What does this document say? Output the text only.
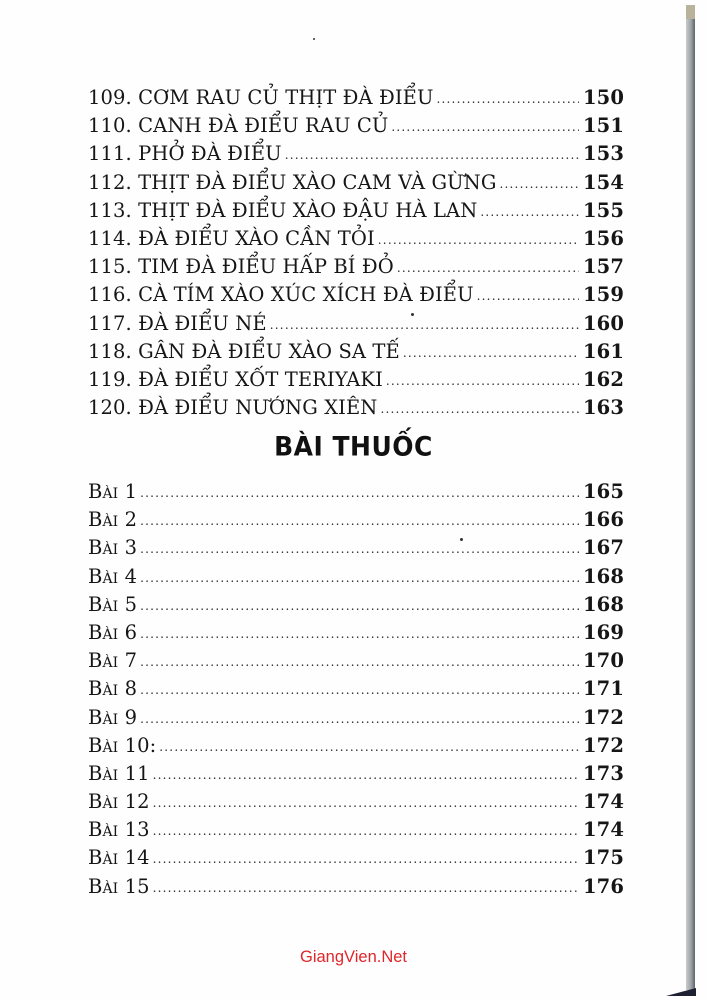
109. CƠM RAU CỦ THỊT ĐÀ ĐIỂU .....	150
110. CANH ĐÀ ĐIỂU RAU CỦ .....	151
111. PHỞ ĐÀ ĐIỂU .....	153
112. THỊT ĐÀ ĐIỂU XÀO CAM VÀ GỪNG .....	154
113. THỊT ĐÀ ĐIỂU XÀO ĐẬU HÀ LAN .....	155
114. ĐÀ ĐIỂU XÀO CẦN TỎI .....	156
115. TIM ĐÀ ĐIỂU HẤP BÍ ĐỎ .....	157
116. CÀ TÍM XÀO XÚC XÍCH ĐÀ ĐIỂU .....	159
117. ĐÀ ĐIỂU NÉ .....	160
118. GÂN ĐÀ ĐIỂU XÀO SA TẾ .....	161
119. ĐÀ ĐIỂU XỐT TERIYAKI .....	162
120. ĐÀ ĐIỂU NƯỚNG XIÊN .....	163
BÀI THUỐC
BÀI 1 .....	165
BÀI 2 .....	166
BÀI 3 .....	167
BÀI 4 .....	168
BÀI 5 .....	168
BÀI 6 .....	169
BÀI 7 .....	170
BÀI 8 .....	171
BÀI 9 .....	172
BÀI 10: .....	172
BÀI 11 .....	173
BÀI 12 .....	174
BÀI 13 .....	174
BÀI 14 .....	175
BÀI 15 .....	176
GiangVien.Net
